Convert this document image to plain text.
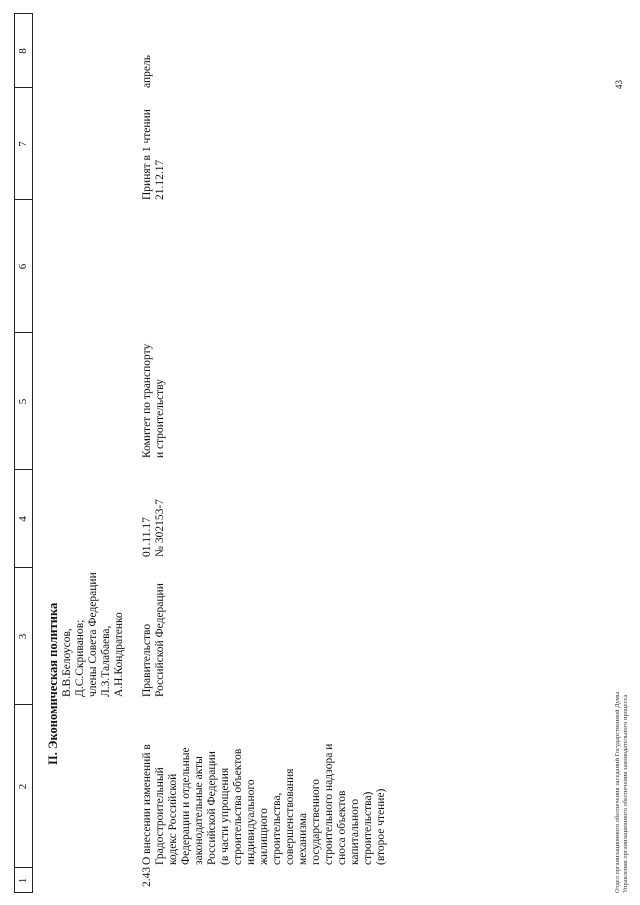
1
2
3
4
5
6
7
8
II. Экономическая политика В.В.Белоусов, Д.С.Скриванов; члены Совета Федерации Л.З.Талабаева, А.Н.Кондратенко
2.43
О внесении изменений в Градостроительный кодекс Российской Федерации и отдельные законодательные акты Российской Федерации (в части упрощения строительства объектов индивидуального жилищного строительства, совершенствования механизма государственного строительного надзора и сноса объектов капитального строительства) (второе чтение)
Правительство Российской Федерации
01.11.17 № 302153-7
Комитет по транспорту и строительству
Принят в 1 чтении 21.12.17
апрель
Отдел организационного обеспечения заседаний Государственной Думы Управления организационного обеспечения законодательного процесса
43
